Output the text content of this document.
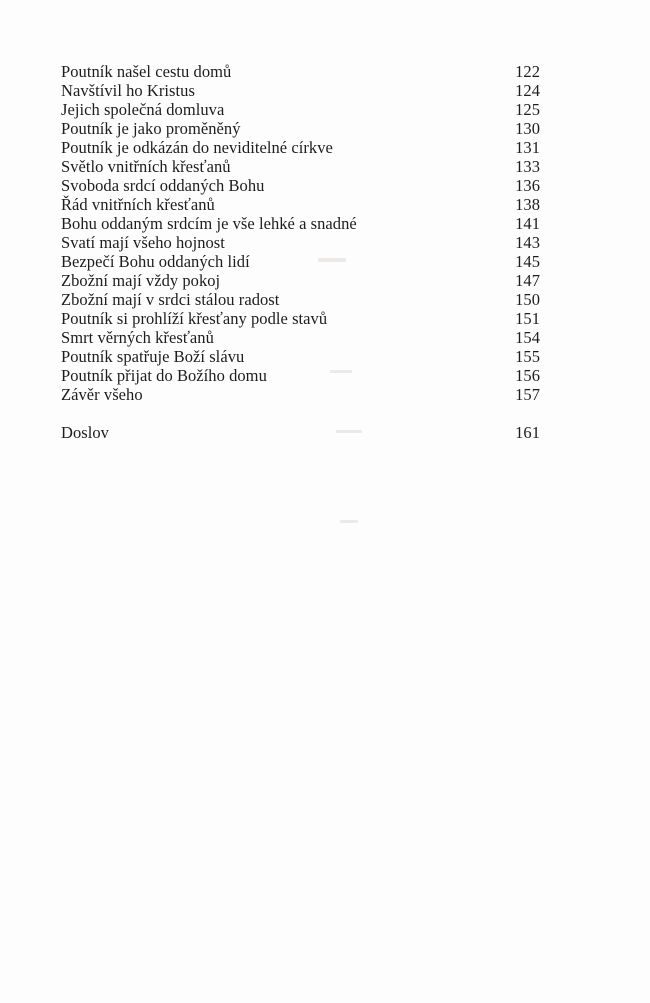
Poutník našel cestu domů	122
Navštívil ho Kristus	124
Jejich společná domluva	125
Poutník je jako proměněný	130
Poutník je odkázán do neviditelné církve	131
Světlo vnitřních křesťanů	133
Svoboda srdcí oddaných Bohu	136
Řád vnitřních křesťanů	138
Bohu oddaným srdcím je vše lehké a snadné	141
Svatí mají všeho hojnost	143
Bezpečí Bohu oddaných lidí	145
Zbožní mají vždy pokoj	147
Zbožní mají v srdci stálou radost	150
Poutník si prohlíží křesťany podle stavů	151
Smrt věrných křesťanů	154
Poutník spatřuje Boží slávu	155
Poutník přijat do Božího domu	156
Závěr všeho	157
Doslov	161
